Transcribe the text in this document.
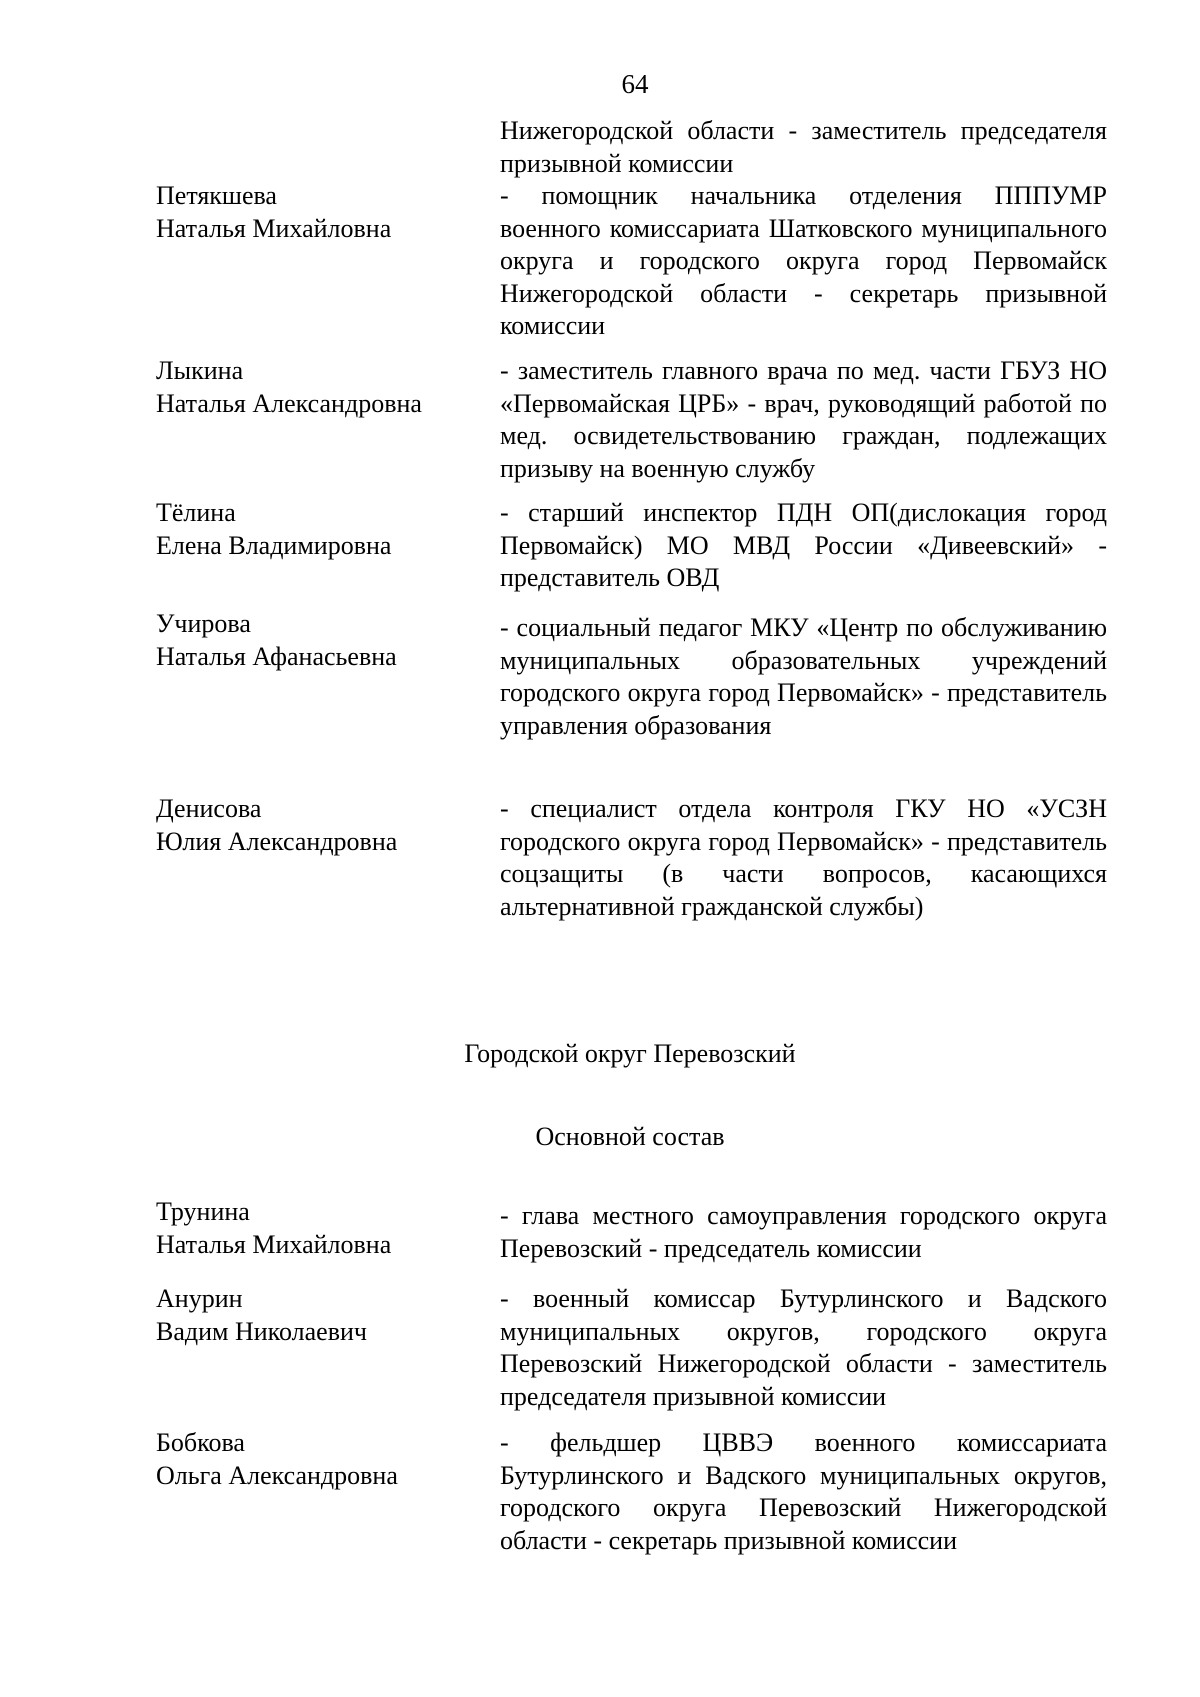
64
Нижегородской области - заместитель председателя призывной комиссии
Петякшева
Наталья Михайловна
- помощник начальника отделения ПППУМР военного комиссариата Шатковского муниципального округа и городского округа город Первомайск Нижегородской области - секретарь призывной комиссии
Лыкина
Наталья Александровна
- заместитель главного врача по мед. части ГБУЗ НО «Первомайская ЦРБ» - врач, руководящий работой по мед. освидетельствованию граждан, подлежащих призыву на военную службу
Тёлина
Елена Владимировна
- старший инспектор ПДН ОП(дислокация город Первомайск) МО МВД России «Дивеевский» - представитель ОВД
Учирова
Наталья Афанасьевна
- социальный педагог МКУ «Центр по обслуживанию муниципальных образовательных учреждений городского округа город Первомайск» - представитель управления образования
Денисова
Юлия Александровна
- специалист отдела контроля ГКУ НО «УСЗН городского округа город Первомайск» - представитель соцзащиты (в части вопросов, касающихся альтернативной гражданской службы)
Городской округ Перевозский
Основной состав
Трунина
Наталья Михайловна
- глава местного самоуправления городского округа Перевозский - председатель комиссии
Анурин
Вадим Николаевич
- военный комиссар Бутурлинского и Вадского муниципальных округов, городского округа Перевозский Нижегородской области - заместитель председателя призывной комиссии
Бобкова
Ольга Александровна
- фельдшер ЦВВЭ военного комиссариата Бутурлинского и Вадского муниципальных округов, городского округа Перевозский Нижегородской области - секретарь призывной комиссии
